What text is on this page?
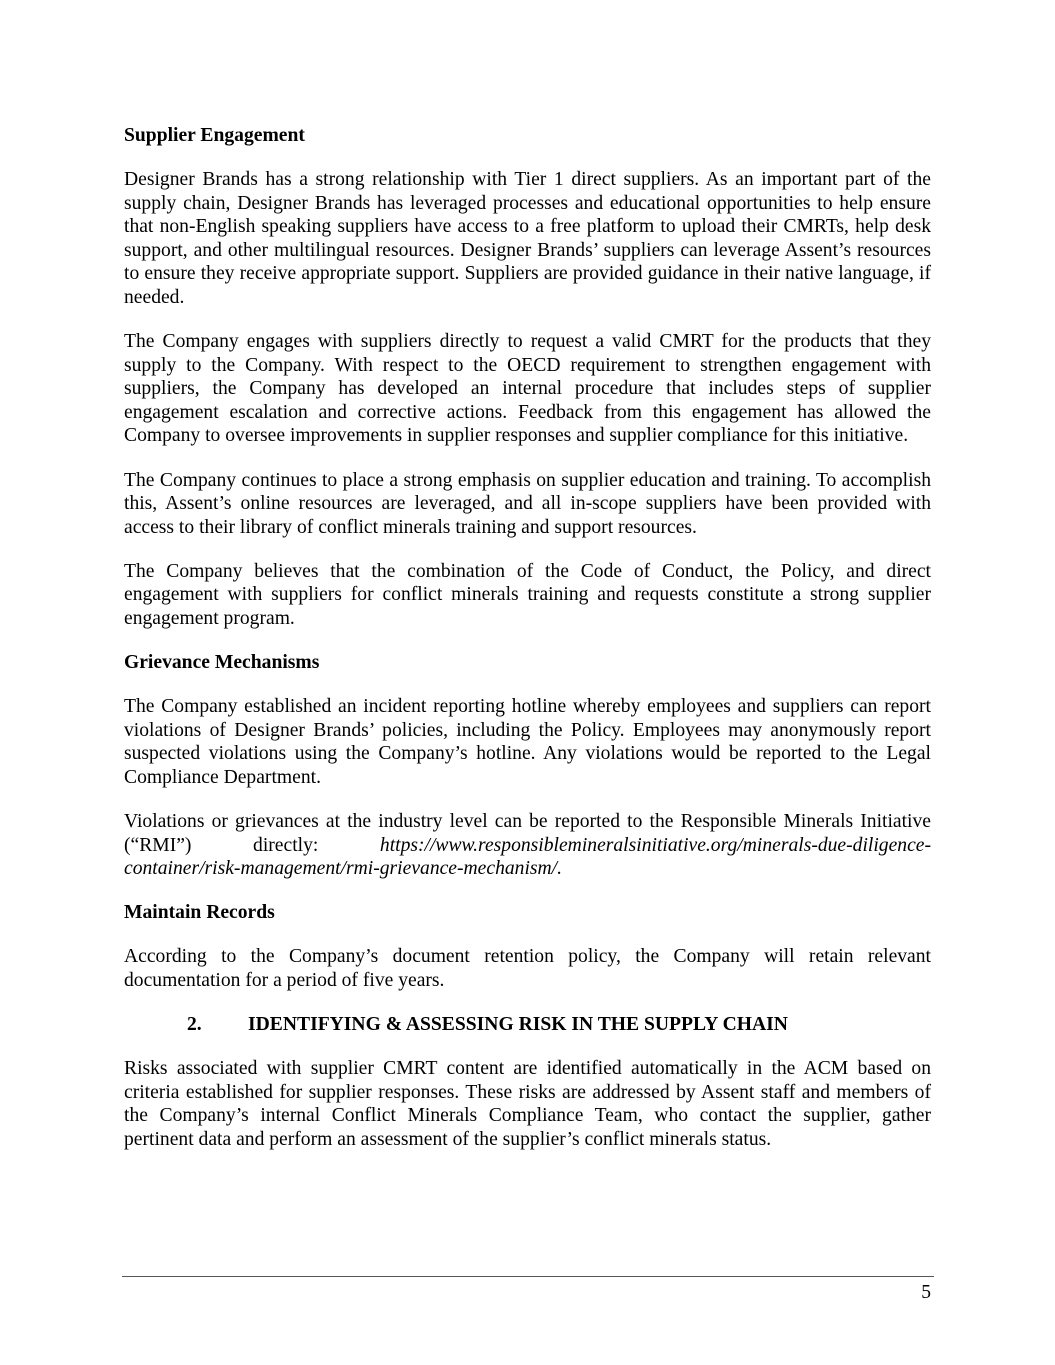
Supplier Engagement

Designer Brands has a strong relationship with Tier 1 direct suppliers. As an important part of the supply chain, Designer Brands has leveraged processes and educational opportunities to help ensure that non-English speaking suppliers have access to a free platform to upload their CMRTs, help desk support, and other multilingual resources. Designer Brands’ suppliers can leverage Assent’s resources to ensure they receive appropriate support. Suppliers are provided guidance in their native language, if needed.

The Company engages with suppliers directly to request a valid CMRT for the products that they supply to the Company. With respect to the OECD requirement to strengthen engagement with suppliers, the Company has developed an internal procedure that includes steps of supplier engagement escalation and corrective actions. Feedback from this engagement has allowed the Company to oversee improvements in supplier responses and supplier compliance for this initiative.

The Company continues to place a strong emphasis on supplier education and training. To accomplish this, Assent’s online resources are leveraged, and all in-scope suppliers have been provided with access to their library of conflict minerals training and support resources.

The Company believes that the combination of the Code of Conduct, the Policy, and direct engagement with suppliers for conflict minerals training and requests constitute a strong supplier engagement program.

Grievance Mechanisms

The Company established an incident reporting hotline whereby employees and suppliers can report violations of Designer Brands’ policies, including the Policy. Employees may anonymously report suspected violations using the Company’s hotline. Any violations would be reported to the Legal Compliance Department.

Violations or grievances at the industry level can be reported to the Responsible Minerals Initiative (“RMI”) directly: https://www.responsiblemineralsinitiative.org/minerals-due-diligence-container/risk-management/rmi-grievance-mechanism/.

Maintain Records

According to the Company’s document retention policy, the Company will retain relevant documentation for a period of five years.

2.	IDENTIFYING & ASSESSING RISK IN THE SUPPLY CHAIN

Risks associated with supplier CMRT content are identified automatically in the ACM based on criteria established for supplier responses. These risks are addressed by Assent staff and members of the Company’s internal Conflict Minerals Compliance Team, who contact the supplier, gather pertinent data and perform an assessment of the supplier’s conflict minerals status.

5
